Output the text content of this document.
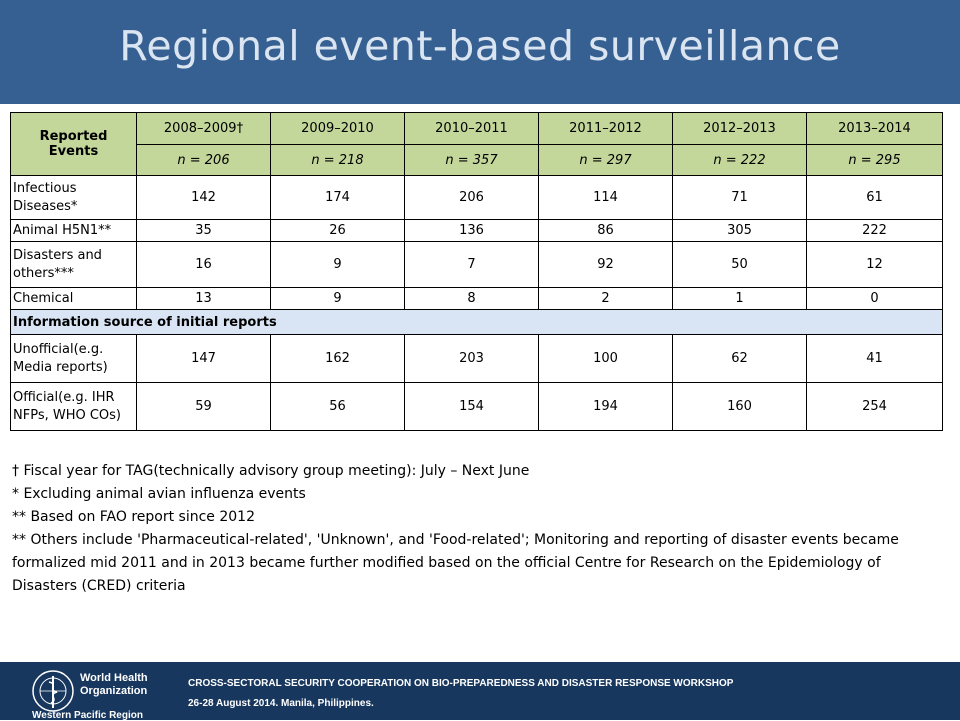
Regional event-based surveillance
Reported Events	2008–2009†	2009–2010	2010–2011	2011–2012	2012–2013	2013–2014
	n = 206	n = 218	n = 357	n = 297	n = 222	n = 295
Infectious Diseases*	142	174	206	114	71	61
Animal H5N1**	35	26	136	86	305	222
Disasters and others***	16	9	7	92	50	12
Chemical	13	9	8	2	1	0
Information source of initial reports						
Unofficial(e.g. Media reports)	147	162	203	100	62	41
Official(e.g. IHR NFPs, WHO COs)	59	56	154	194	160	254

† Fiscal year for TAG(technically advisory group meeting): July – Next June

* Excluding animal avian influenza events

** Based on FAO report since 2012

** Others include 'Pharmaceutical-related', 'Unknown', and 'Food-related'; Monitoring and reporting of disaster events became formalized mid 2011 and in 2013 became further modified based on the official Centre for Research on the Epidemiology of Disasters (CRED) criteria

World Health
Organization
Western Pacific Region
CROSS-SECTORAL SECURITY COOPERATION ON BIO-PREPAREDNESS AND DISASTER RESPONSE WORKSHOP
26-28 August 2014. Manila, Philippines.
